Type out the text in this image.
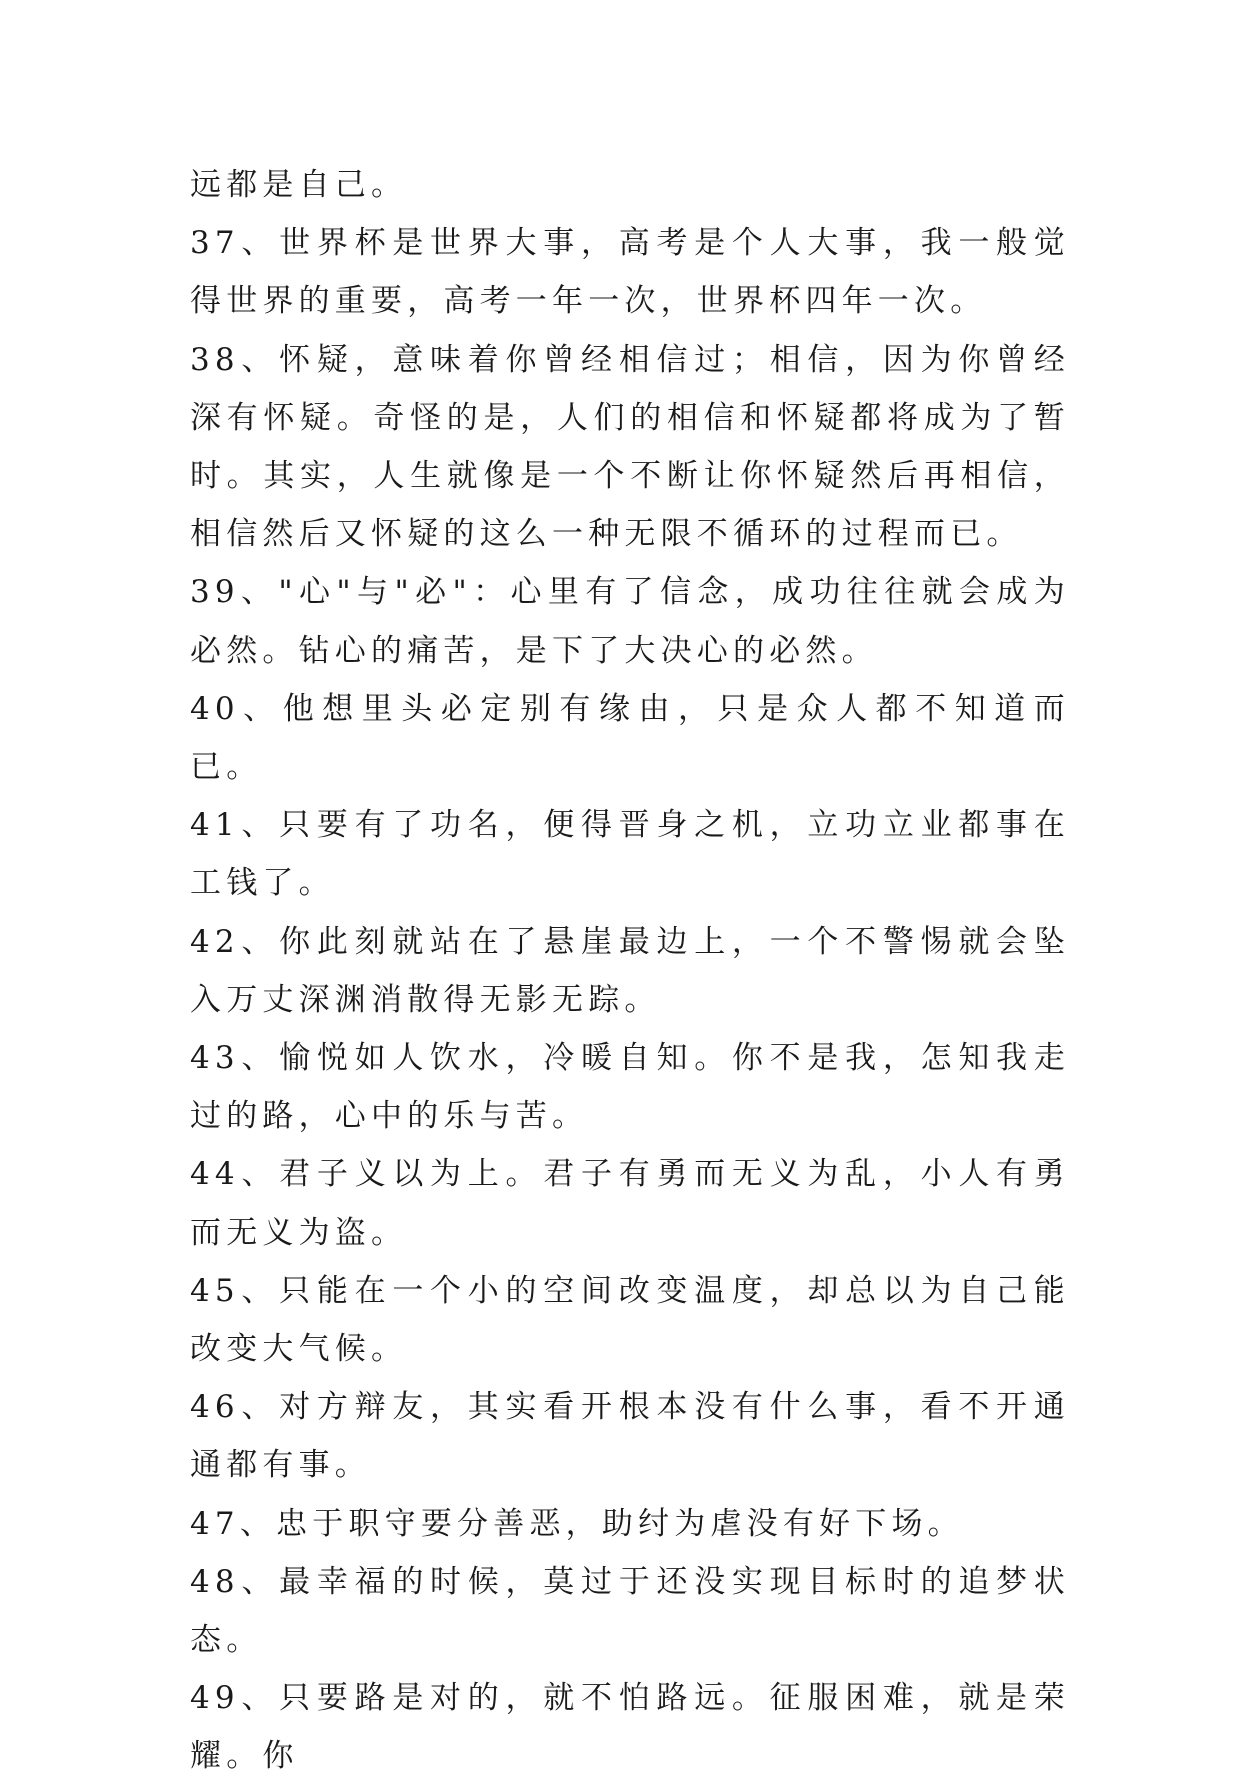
远都是自己。

37、世界杯是世界大事，高考是个人大事，我一般觉得世界的重要，高考一年一次，世界杯四年一次。

38、怀疑，意味着你曾经相信过；相信，因为你曾经深有怀疑。奇怪的是，人们的相信和怀疑都将成为了暂时。其实，人生就像是一个不断让你怀疑然后再相信，相信然后又怀疑的这么一种无限不循环的过程而已。

39、"心"与"必"：心里有了信念，成功往往就会成为必然。钻心的痛苦，是下了大决心的必然。

40、他想里头必定别有缘由，只是众人都不知道而已。

41、只要有了功名，便得晋身之机，立功立业都事在工钱了。

42、你此刻就站在了悬崖最边上，一个不警惕就会坠入万丈深渊消散得无影无踪。

43、愉悦如人饮水，冷暖自知。你不是我，怎知我走过的路，心中的乐与苦。

44、君子义以为上。君子有勇而无义为乱，小人有勇而无义为盗。

45、只能在一个小的空间改变温度，却总以为自己能改变大气候。

46、对方辩友，其实看开根本没有什么事，看不开通通都有事。

47、忠于职守要分善恶，助纣为虐没有好下场。

48、最幸福的时候，莫过于还没实现目标时的追梦状态。

49、只要路是对的，就不怕路远。征服困难，就是荣耀。你
